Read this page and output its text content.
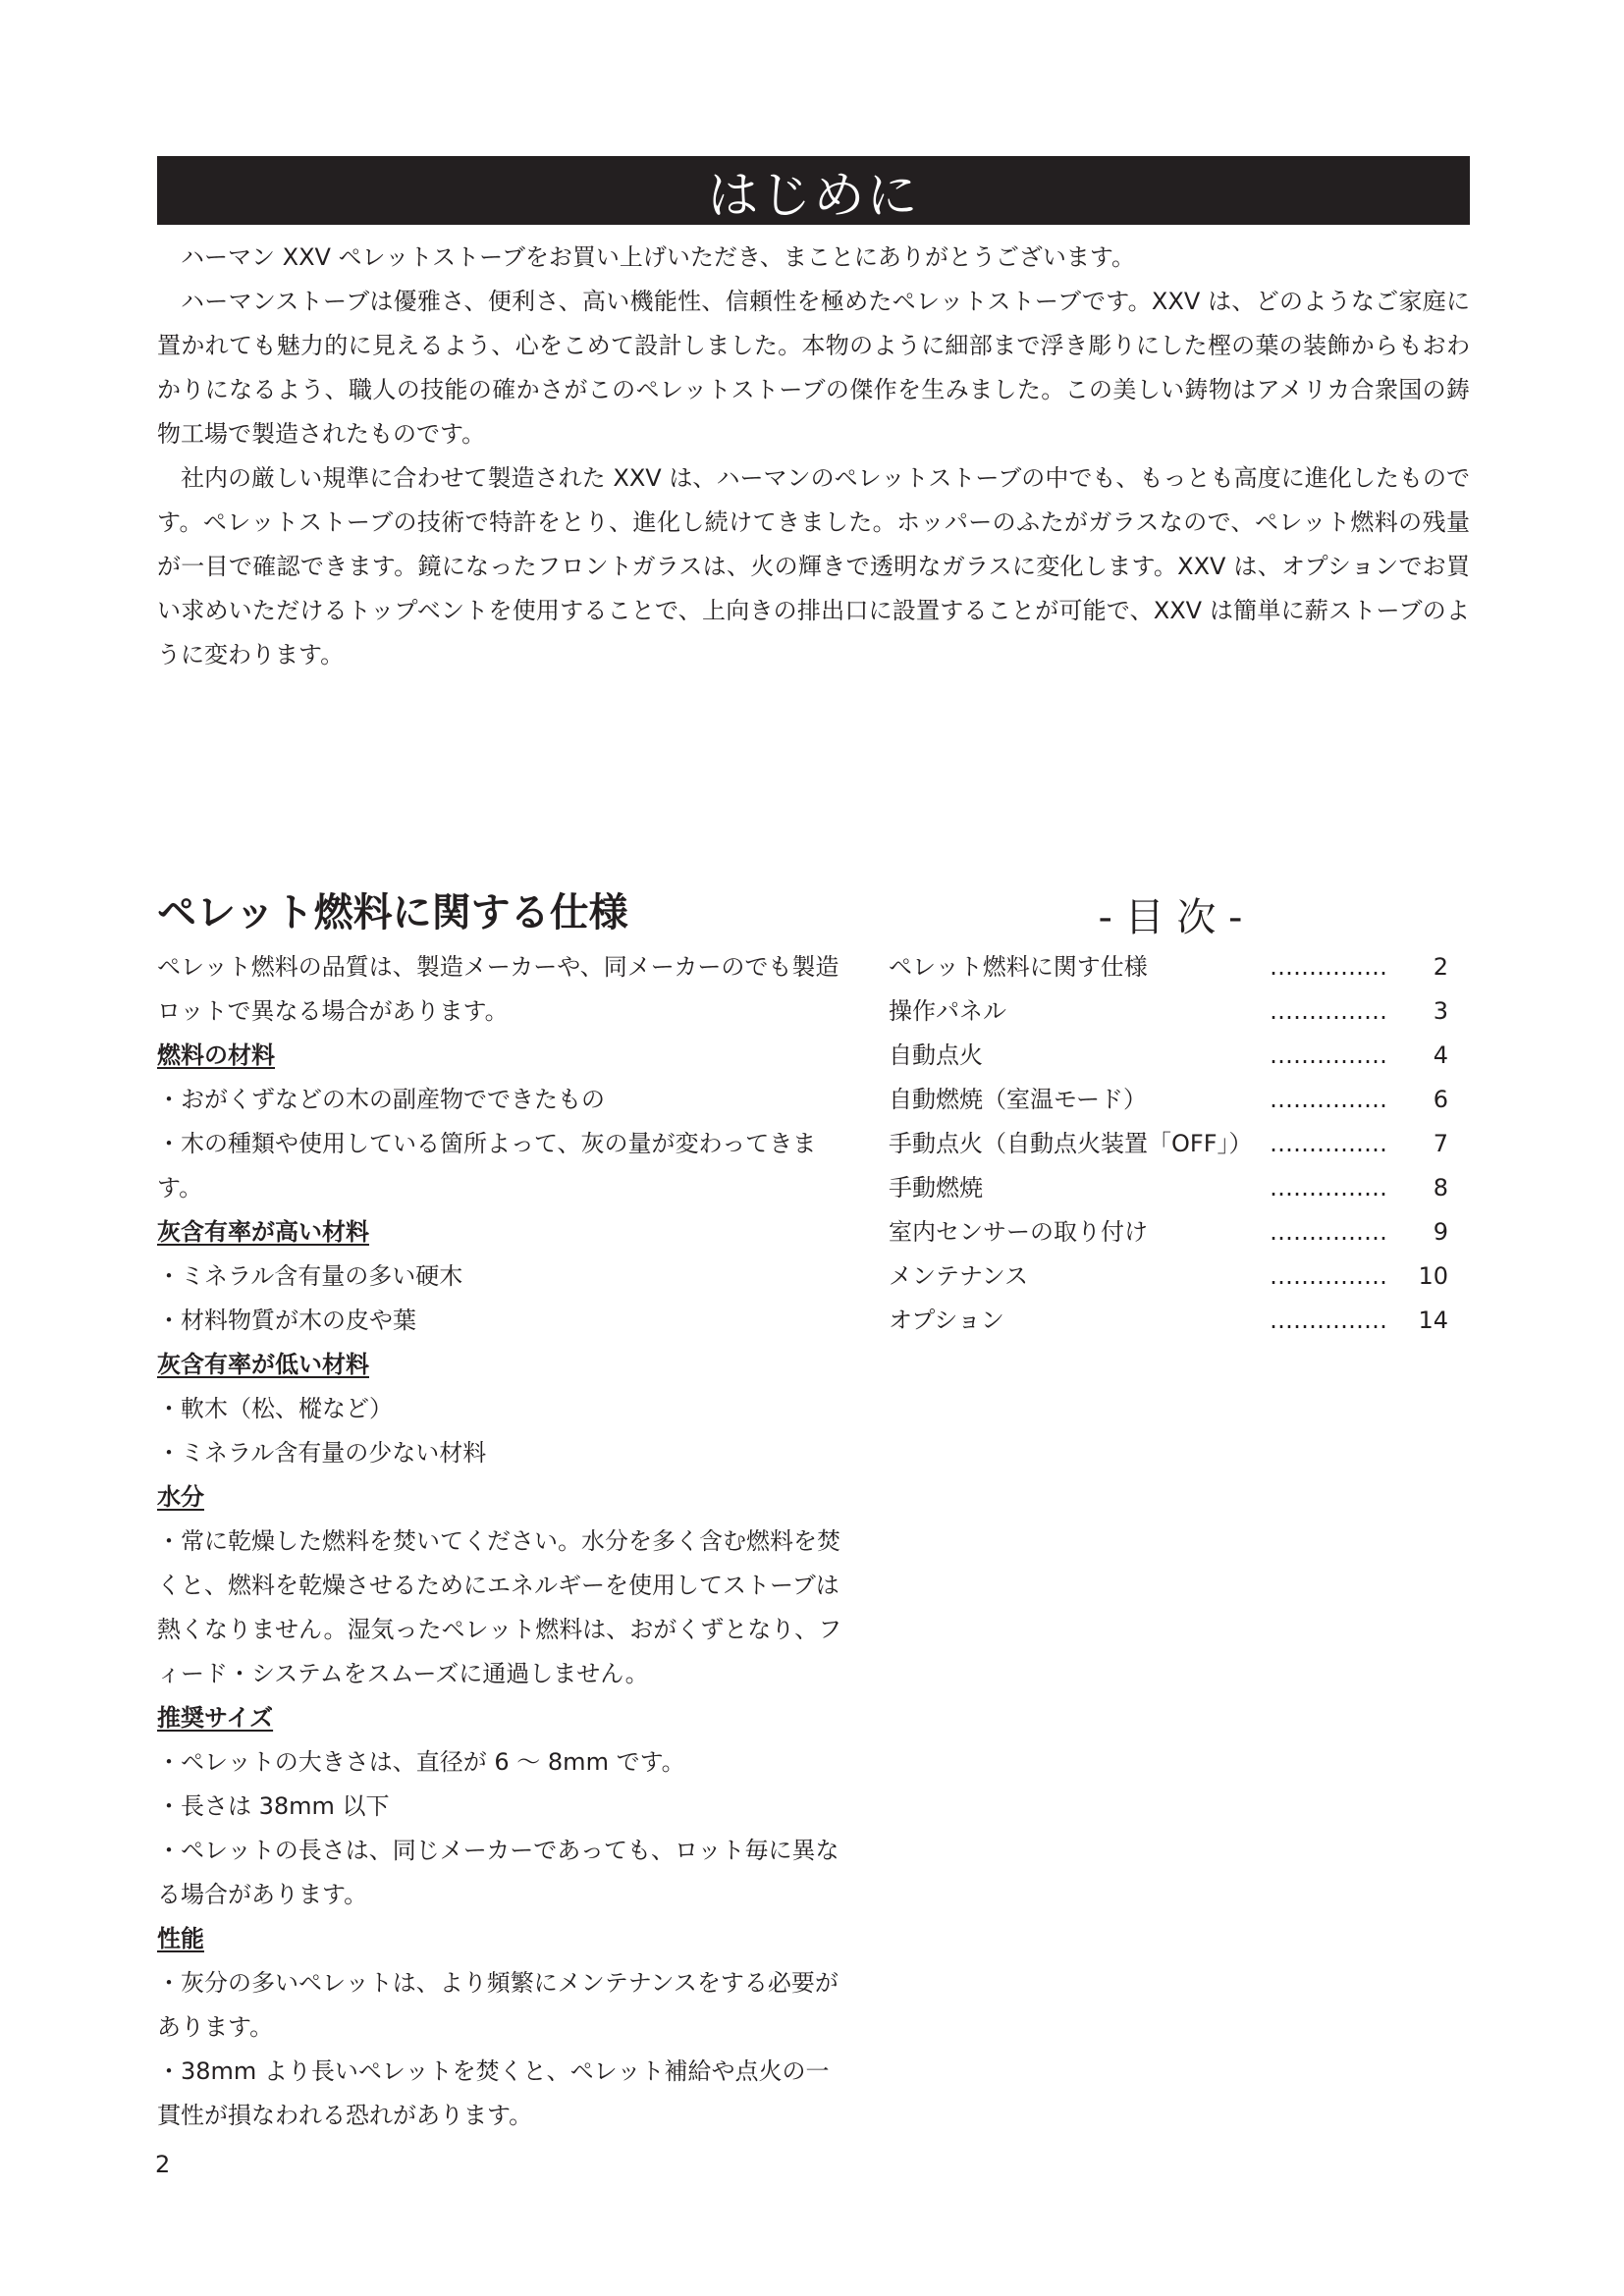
はじめに

ハーマン XXV ペレットストーブをお買い上げいただき、まことにありがとうございます。

ハーマンストーブは優雅さ、便利さ、高い機能性、信頼性を極めたペレットストーブです。XXV は、どのようなご家庭に置かれても魅力的に見えるよう、心をこめて設計しました。本物のように細部まで浮き彫りにした樫の葉の装飾からもおわかりになるよう、職人の技能の確かさがこのペレットストーブの傑作を生みました。この美しい鋳物はアメリカ合衆国の鋳物工場で製造されたものです。

社内の厳しい規準に合わせて製造された XXV は、ハーマンのペレットストーブの中でも、もっとも高度に進化したものです。ペレットストーブの技術で特許をとり、進化し続けてきました。ホッパーのふたがガラスなので、ペレット燃料の残量が一目で確認できます。鏡になったフロントガラスは、火の輝きで透明なガラスに変化します。XXV は、オプションでお買い求めいただけるトップベントを使用することで、上向きの排出口に設置することが可能で、XXV は簡単に薪ストーブのように変わります。

ペレット燃料に関する仕様
ペレット燃料の品質は、製造メーカーや、同メーカーのでも製造ロットで異なる場合があります。
燃料の材料
・おがくずなどの木の副産物でできたもの
・木の種類や使用している箇所よって、灰の量が変わってきます。
灰含有率が高い材料
・ミネラル含有量の多い硬木
・材料物質が木の皮や葉
灰含有率が低い材料
・軟木（松、樅など）
・ミネラル含有量の少ない材料
水分
・常に乾燥した燃料を焚いてください。水分を多く含む燃料を焚くと、燃料を乾燥させるためにエネルギーを使用してストーブは熱くなりません。湿気ったペレット燃料は、おがくずとなり、フィード・システムをスムーズに通過しません。
推奨サイズ
・ペレットの大きさは、直径が 6 ～ 8mm です。
・長さは 38mm 以下
・ペレットの長さは、同じメーカーであっても、ロット毎に異なる場合があります。
性能
・灰分の多いペレットは、より頻繁にメンテナンスをする必要があります。
・38mm より長いペレットを焚くと、ペレット補給や点火の一貫性が損なわれる恐れがあります。
- 目 次 -
ペレット燃料に関す仕様	…………… 2
操作パネル	…………… 3
自動点火	…………… 4
自動燃焼（室温モード）	…………… 6
手動点火（自動点火装置「OFF」） …………… 7
手動燃焼	…………… 8
室内センサーの取り付け	…………… 9
メンテナンス	…………… 10
オプション	…………… 14
2
